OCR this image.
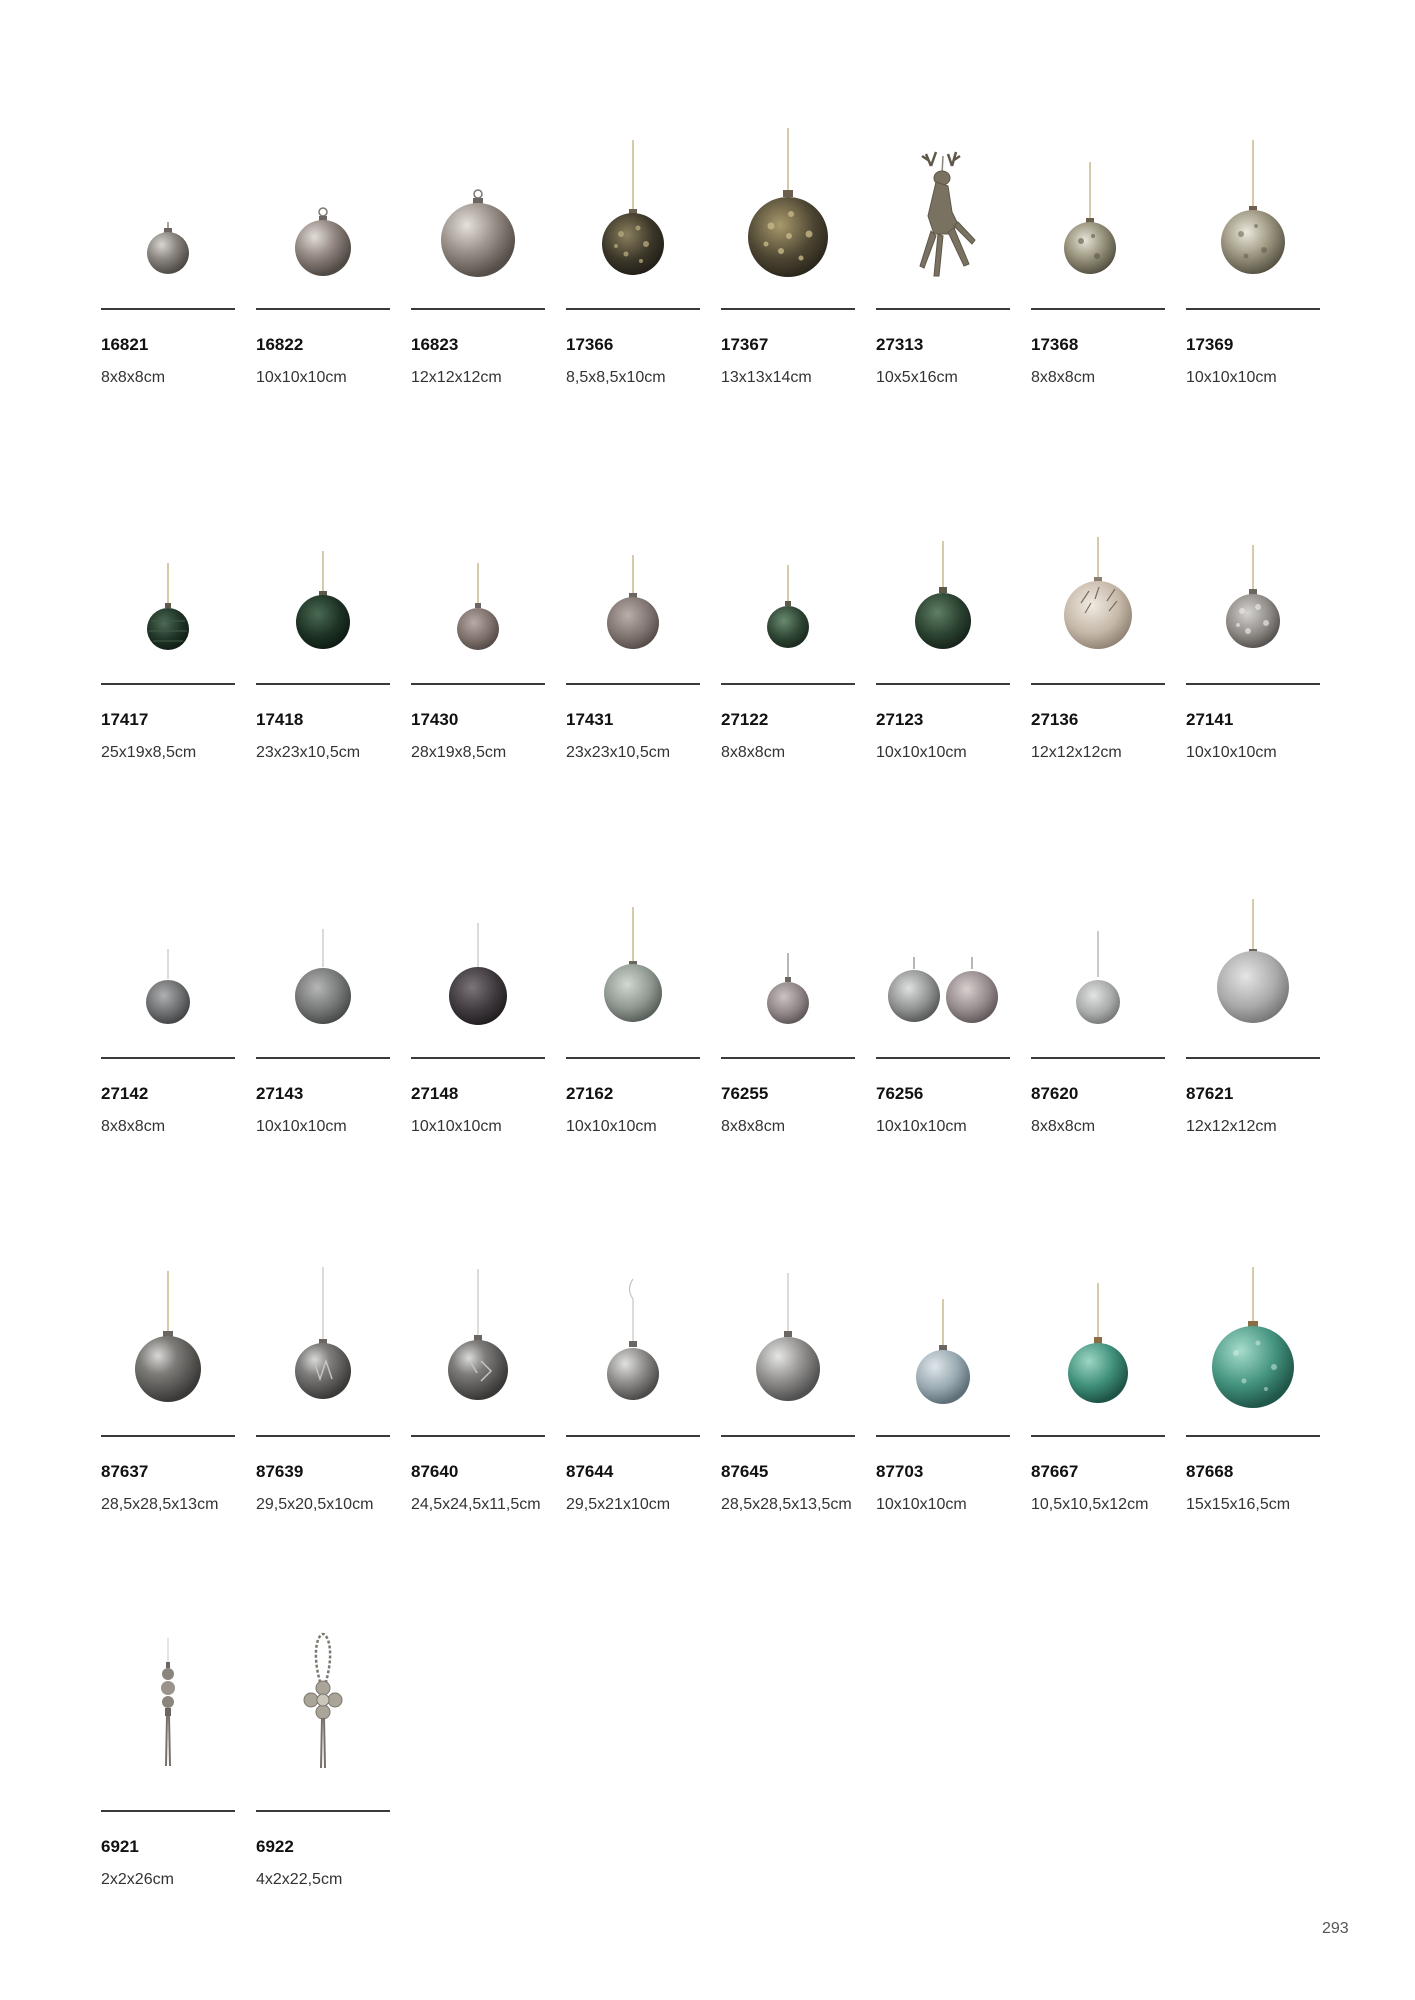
16821
8x8x8cm
16822
10x10x10cm
16823
12x12x12cm
17366
8,5x8,5x10cm
17367
13x13x14cm
27313
10x5x16cm
17368
8x8x8cm
17369
10x10x10cm
17417
25x19x8,5cm
17418
23x23x10,5cm
17430
28x19x8,5cm
17431
23x23x10,5cm
27122
8x8x8cm
27123
10x10x10cm
27136
12x12x12cm
27141
10x10x10cm
27142
8x8x8cm
27143
10x10x10cm
27148
10x10x10cm
27162
10x10x10cm
76255
8x8x8cm
76256
10x10x10cm
87620
8x8x8cm
87621
12x12x12cm
87637
28,5x28,5x13cm
87639
29,5x20,5x10cm
87640
24,5x24,5x11,5cm
87644
29,5x21x10cm
87645
28,5x28,5x13,5cm
87703
10x10x10cm
87667
10,5x10,5x12cm
87668
15x15x16,5cm
6921
2x2x26cm
6922
4x2x22,5cm
293
